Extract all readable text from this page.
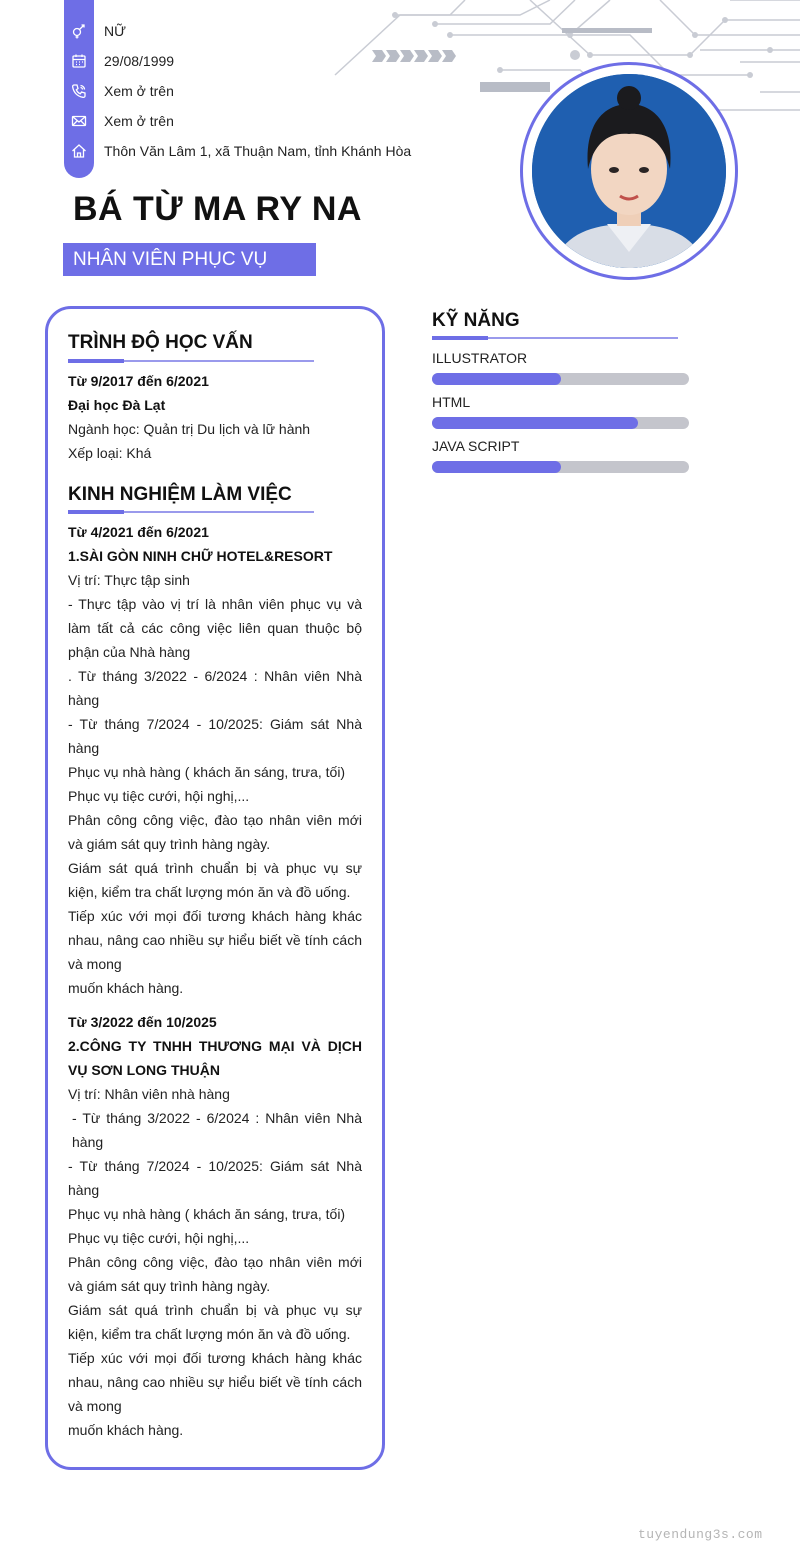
NỮ
29/08/1999
Xem ở trên
Xem ở trên
Thôn Văn Lâm 1, xã Thuận Nam, tỉnh Khánh Hòa
BÁ TỪ MA RY NA
NHÂN VIÊN PHỤC VỤ
TRÌNH ĐỘ HỌC VẤN
Từ 9/2017 đến 6/2021
Đại học Đà Lạt
Ngành học: Quản trị Du lịch và lữ hành
Xếp loại: Khá
KINH NGHIỆM LÀM VIỆC
Từ 4/2021 đến 6/2021
1.SÀI GÒN NINH CHỮ HOTEL&RESORT
Vị trí: Thực tập sinh
- Thực tập vào vị trí là nhân viên phục vụ và làm tất cả các công việc liên quan thuộc bộ phận của Nhà hàng
. Từ tháng 3/2022 - 6/2024 : Nhân viên Nhà hàng
- Từ tháng 7/2024 - 10/2025: Giám sát Nhà hàng
Phục vụ nhà hàng ( khách ăn sáng, trưa, tối)
Phục vụ tiệc cưới, hội nghị,...
Phân công công việc, đào tạo nhân viên mới và giám sát quy trình hàng ngày.
Giám sát quá trình chuẩn bị và phục vụ sự kiện, kiểm tra chất lượng món ăn và đồ uống.
Tiếp xúc với mọi đối tương khách hàng khác nhau, nâng cao nhiều sự hiểu biết về tính cách và mong
muốn khách hàng.
Từ 3/2022 đến 10/2025
2.CÔNG TY TNHH THƯƠNG MẠI VÀ DỊCH VỤ SƠN LONG THUẬN
Vị trí: Nhân viên nhà hàng
- Từ tháng 3/2022 - 6/2024 : Nhân viên Nhà hàng
- Từ tháng 7/2024 - 10/2025: Giám sát Nhà hàng
Phục vụ nhà hàng ( khách ăn sáng, trưa, tối)
Phục vụ tiệc cưới, hội nghị,...
Phân công công việc, đào tạo nhân viên mới và giám sát quy trình hàng ngày.
Giám sát quá trình chuẩn bị và phục vụ sự kiện, kiểm tra chất lượng món ăn và đồ uống.
Tiếp xúc với mọi đối tương khách hàng khác nhau, nâng cao nhiều sự hiểu biết về tính cách và mong
muốn khách hàng.
KỸ NĂNG
ILLUSTRATOR
HTML
JAVA SCRIPT
tuyendung3s.com
